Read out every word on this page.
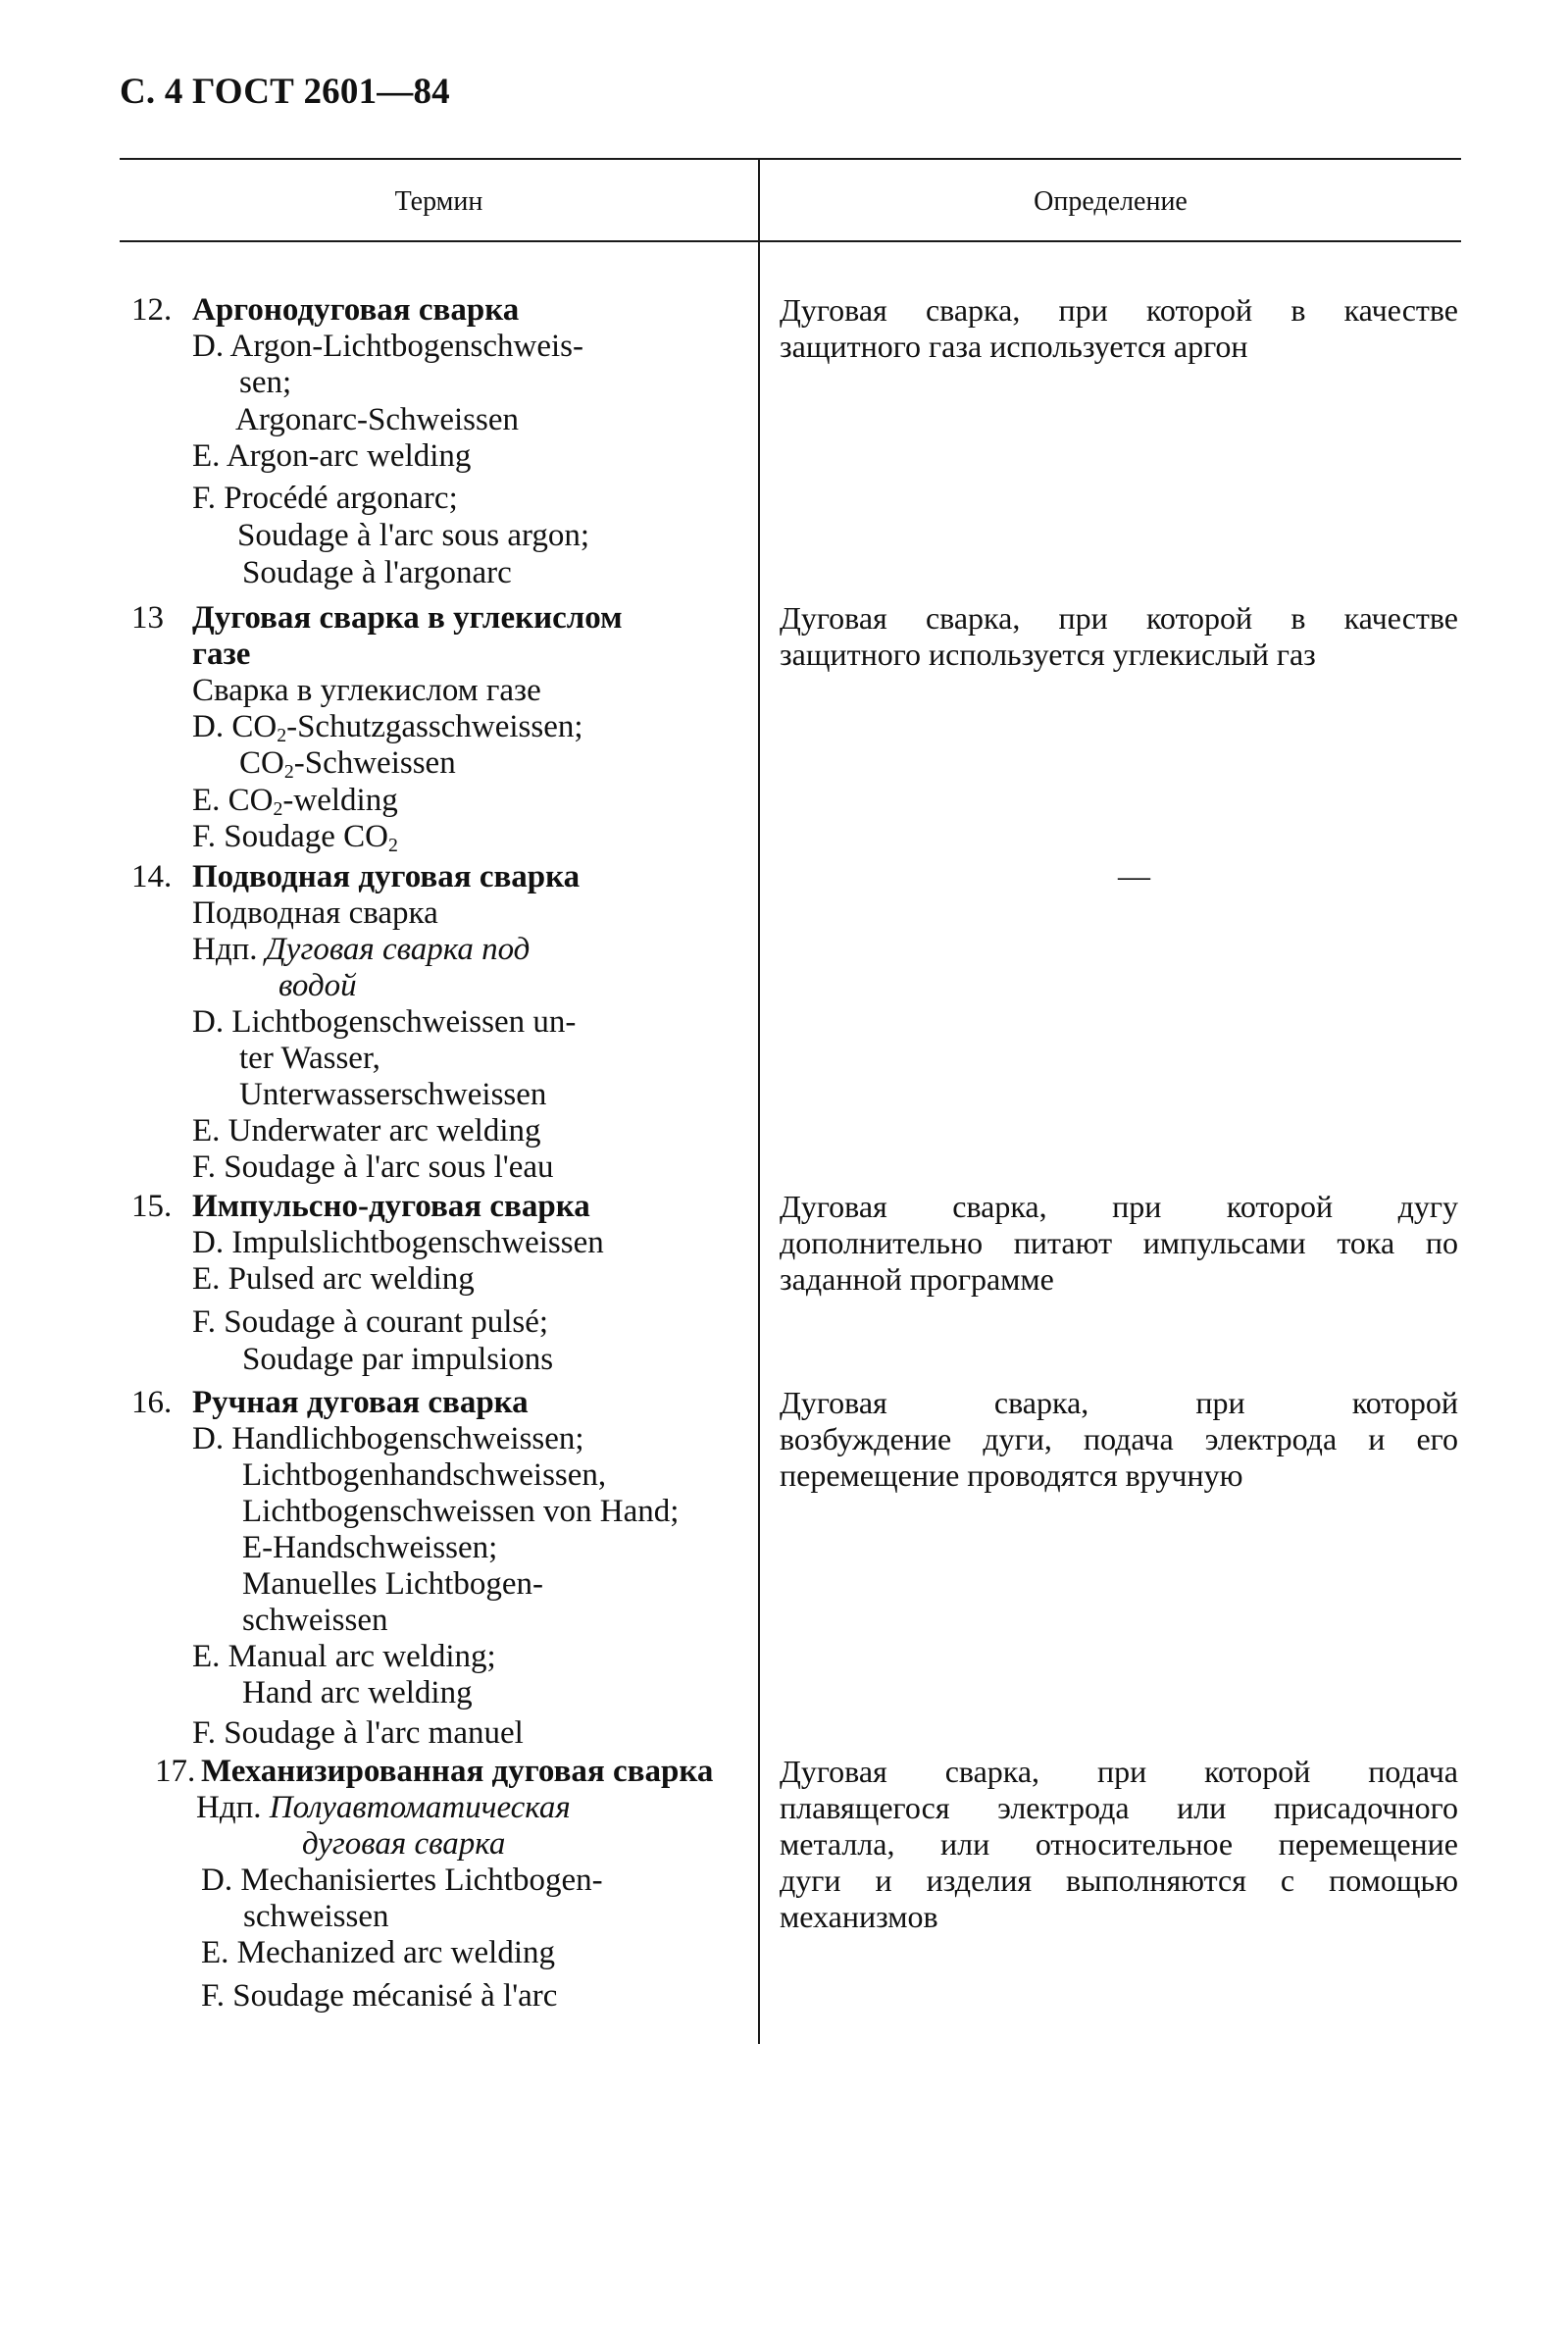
С. 4 ГОСТ 2601—84
Термин	Определение
12. Аргонодуговая сварка
D. Argon-Lichtbogenschweis-
sen;
Argonarc-Schweissen
E. Argon-arc welding
F. Procédé argonarc;
Soudage à l'arc sous argon;
Soudage à l'argonarc
Дуговая сварка, при которой в качестве
защитного газа используется аргон
13 Дуговая сварка в углекислом
газе
Сварка в углекислом газе
D. $CO_2$-Schutzgasschweissen;
$CO_2$-Schweissen
E. $CO_2$-welding
F. Soudage $CO_2$
Дуговая сварка, при которой в качестве
защитного используется углекислый газ
14. Подводная дуговая сварка
Подводная сварка
Ндп. Дуговая сварка под
водой
D. Lichtbogenschweissen un-
ter Wasser,
Unterwasserschweissen
E. Underwater arc welding
F. Soudage à l'arc sous l'eau
—
15. Импульсно-дуговая сварка
D. Impulslichtbogenschweissen
E. Pulsed arc welding
F. Soudage à courant pulsé;
Soudage par impulsions
Дуговая сварка, при которой дугу
дополнительно питают импульсами тока по
заданной программе
16. Ручная дуговая сварка
D. Handlichbogenschweissen;
Lichtbogenhandschweissen,
Lichtbogenschweissen von Hand;
E-Handschweissen;
Manuelles Lichtbogen-
schweissen
E. Manual arc welding;
Hand arc welding
F. Soudage à l'arc manuel
Дуговая сварка, при которой
возбуждение дуги, подача электрода и его
перемещение проводятся вручную
17. Механизированная дуговая сварка
Ндп. Полуавтоматическая
дуговая сварка
D. Mechanisiertes Lichtbogen-
schweissen
E. Mechanized arc welding
F. Soudage mécanisé à l'arc
Дуговая сварка, при которой подача
плавящегося электрода или присадочного
металла, или относительное перемещение
дуги и изделия выполняются с помощью
механизмов
